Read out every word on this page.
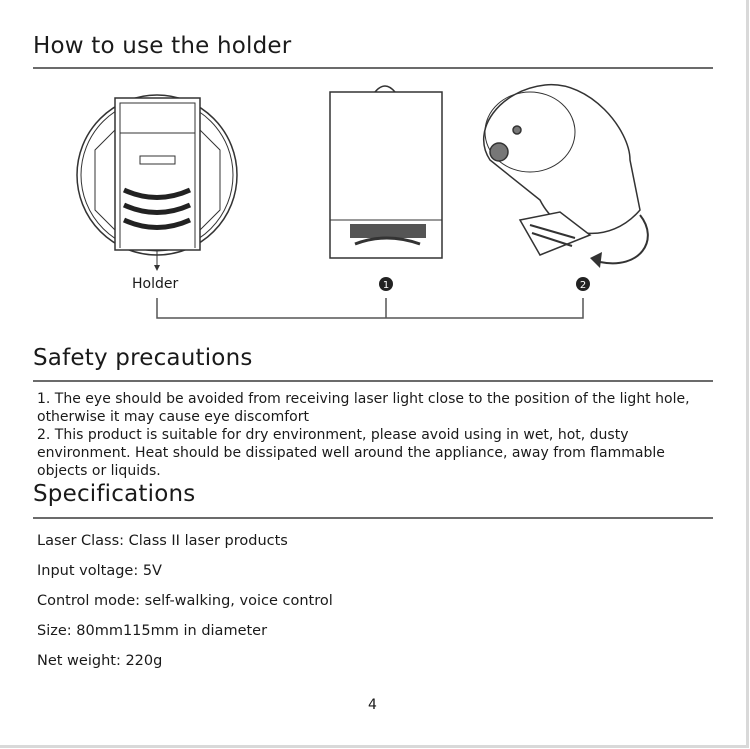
How to use the holder
1	2
Holder
Safety precautions

1. The eye should be avoided from receiving laser light close to the position of the light hole, otherwise it may cause eye discomfort

2. This product is suitable for dry environment, please avoid using in wet, hot, dusty environment. Heat should be dissipated well around the appliance, away from flammable objects or liquids.

Specifications
Laser Class: Class II laser products
Input voltage: 5V
Control mode: self-walking, voice control
Size: 80mm115mm in diameter
Net weight: 220g
4
